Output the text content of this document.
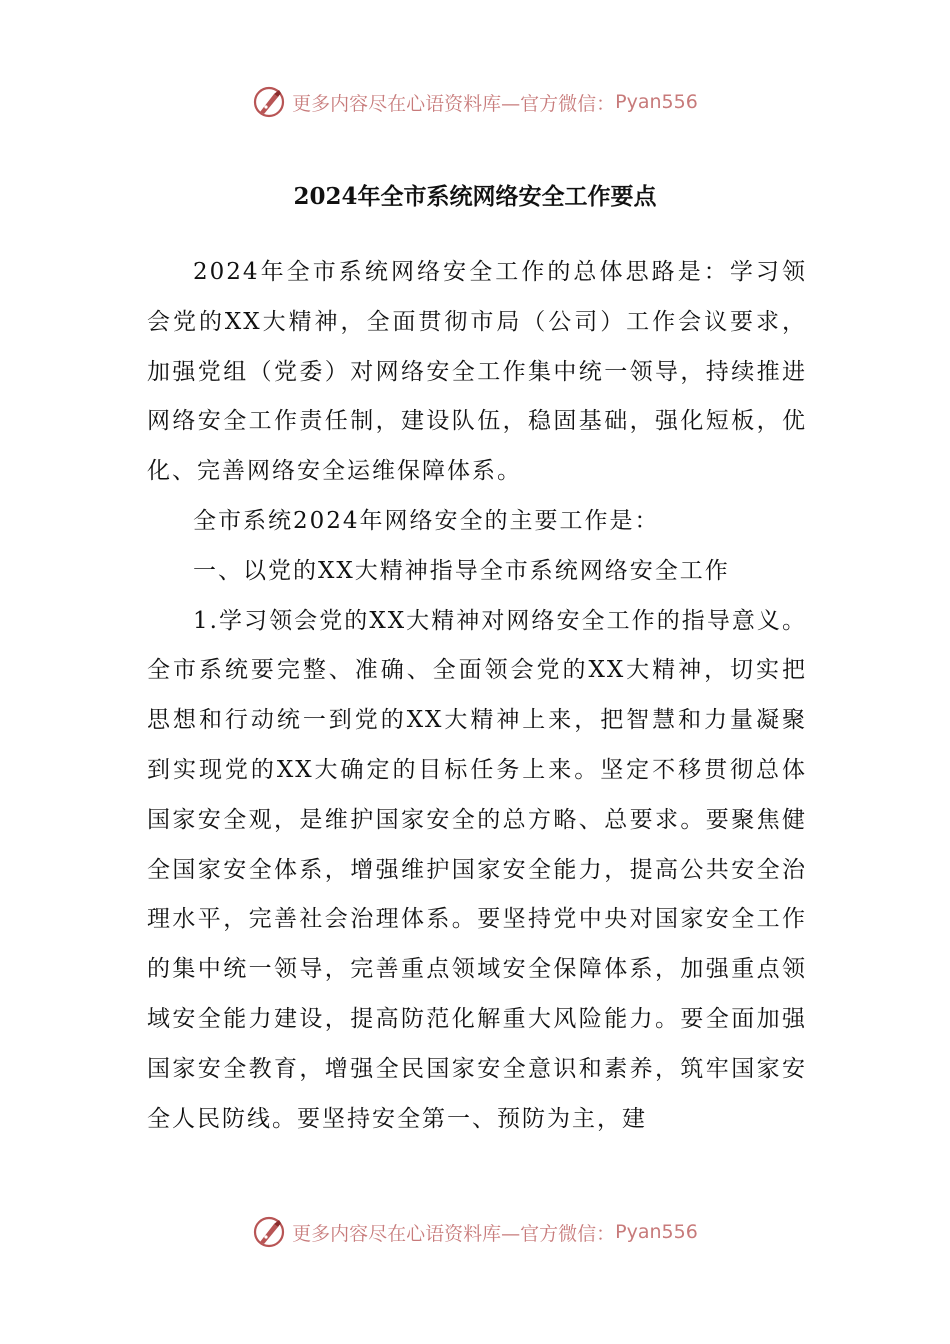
更多内容尽在心语资料库—官方微信： Pyan556
2024年全市系统网络安全工作要点

2024年全市系统网络安全工作的总体思路是：学习领会党的XX大精神，全面贯彻市局（公司）工作会议要求，加强党组（党委）对网络安全工作集中统一领导，持续推进网络安全工作责任制，建设队伍，稳固基础，强化短板，优化、完善网络安全运维保障体系。

全市系统2024年网络安全的主要工作是：

一、以党的XX大精神指导全市系统网络安全工作

1.学习领会党的XX大精神对网络安全工作的指导意义。全市系统要完整、准确、全面领会党的XX大精神，切实把思想和行动统一到党的XX大精神上来，把智慧和力量凝聚到实现党的XX大确定的目标任务上来。坚定不移贯彻总体国家安全观，是维护国家安全的总方略、总要求。要聚焦健全国家安全体系，增强维护国家安全能力，提高公共安全治理水平，完善社会治理体系。要坚持党中央对国家安全工作的集中统一领导，完善重点领域安全保障体系，加强重点领域安全能力建设，提高防范化解重大风险能力。要全面加强国家安全教育，增强全民国家安全意识和素养，筑牢国家安全人民防线。要坚持安全第一、预防为主，建

更多内容尽在心语资料库—官方微信： Pyan556
